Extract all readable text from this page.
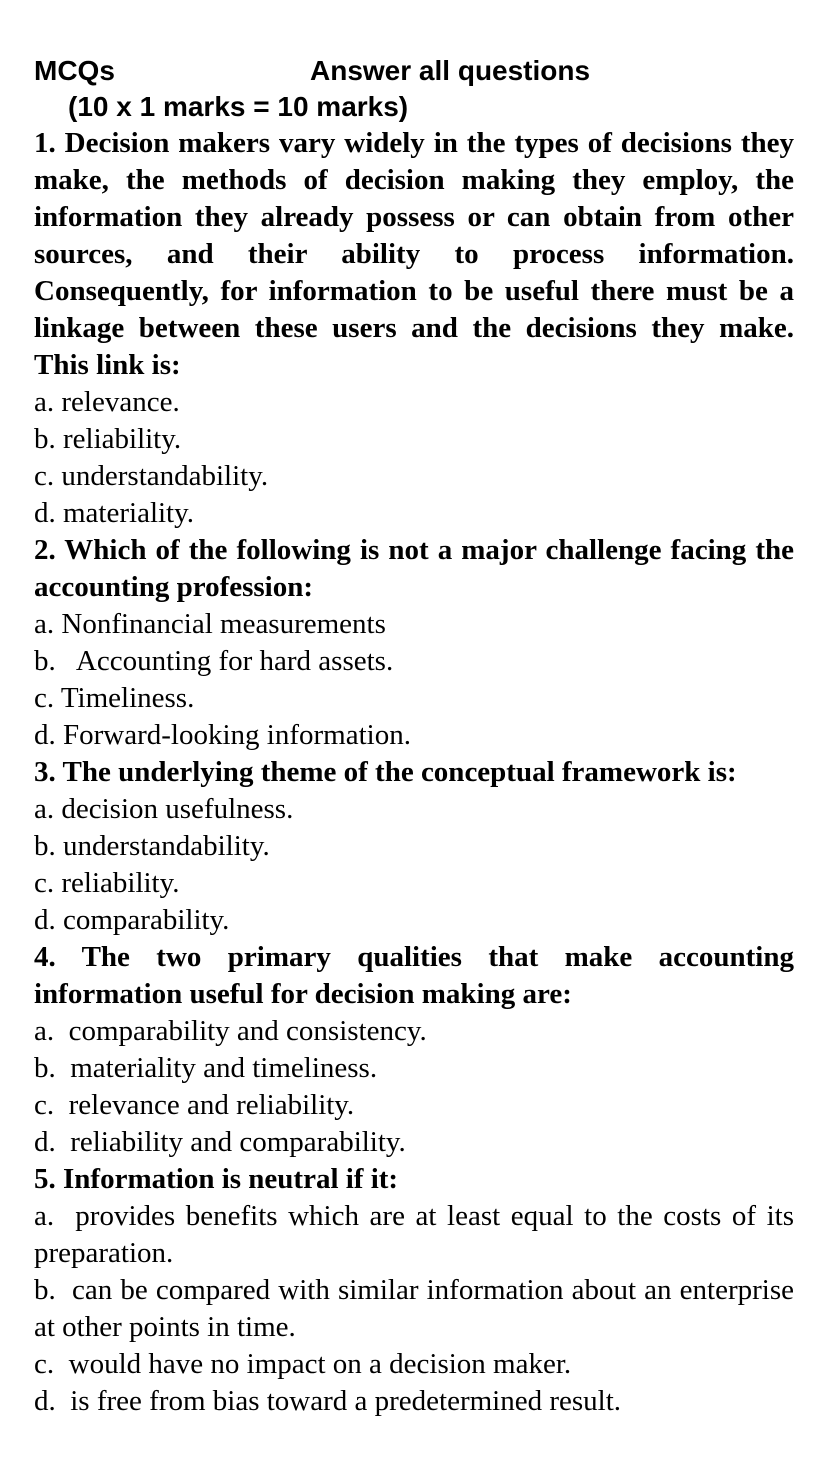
MCQs	Answer all questions
(10 x 1 marks = 10 marks)

1. Decision makers vary widely in the types of decisions they make, the methods of decision making they employ, the information they already possess or can obtain from other sources, and their ability to process information. Consequently, for information to be useful there must be a linkage between these users and the decisions they make. This link is:

a. relevance.

b. reliability.

c. understandability.

d. materiality.

2. Which of the following is not a major challenge facing the accounting profession:

a. Nonfinancial measurements

b.   Accounting for hard assets.

c. Timeliness.

d. Forward-looking information.

3. The underlying theme of the conceptual framework is:

a. decision usefulness.

b. understandability.

c. reliability.

d. comparability.

4. The two primary qualities that make accounting information useful for decision making are:

a.  comparability and consistency.

b.  materiality and timeliness.

c.  relevance and reliability.

d.  reliability and comparability.

5. Information is neutral if it:

a.  provides benefits which are at least equal to the costs of its preparation.

b.  can be compared with similar information about an enterprise at other points in time.

c.  would have no impact on a decision maker.

d.  is free from bias toward a predetermined result.
